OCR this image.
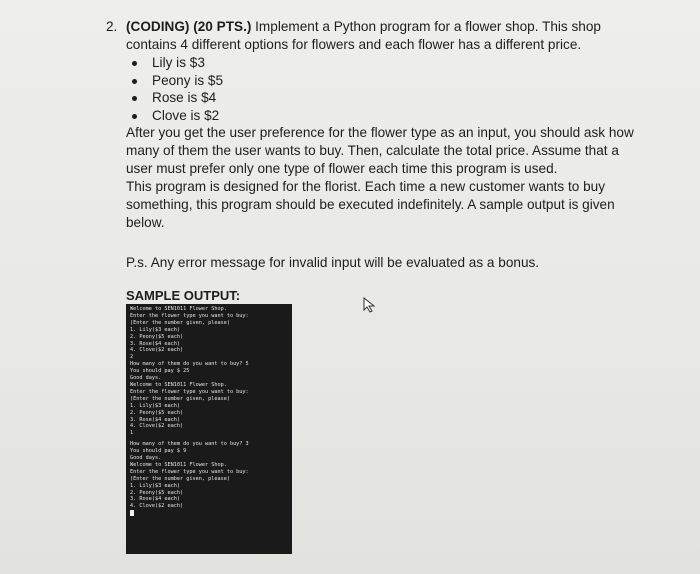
2. (CODING) (20 PTS.) Implement a Python program for a flower shop. This shop contains 4 different options for flowers and each flower has a different price.
Lily is $3
Peony is $5
Rose is $4
Clove is $2
After you get the user preference for the flower type as an input, you should ask how many of them the user wants to buy. Then, calculate the total price. Assume that a user must prefer only one type of flower each time this program is used.
This program is designed for the florist. Each time a new customer wants to buy something, this program should be executed indefinitely. A sample output is given below.
P.s. Any error message for invalid input will be evaluated as a bonus.
SAMPLE OUTPUT:
Welcome to SEN1011 Flower Shop.
Enter the flower type you want to buy:
(Enter the number given, please)
1. Lily($3 each)
2. Peony($5 each)
3. Rose($4 each)
4. Clove($2 each)
2
How many of them do you want to buy? 5
You should pay $ 25
Good days.
Welcome to SEN1011 Flower Shop.
Enter the flower type you want to buy:
(Enter the number given, please)
1. Lily($3 each)
2. Peony($5 each)
3. Rose($4 each)
4. Clove($2 each)
1
How many of them do you want to buy? 3
You should pay $ 9
Good days.
Welcome to SEN1011 Flower Shop.
Enter the flower type you want to buy:
(Enter the number given, please)
1. Lily($3 each)
2. Peony($5 each)
3. Rose($4 each)
4. Clove($2 each)
